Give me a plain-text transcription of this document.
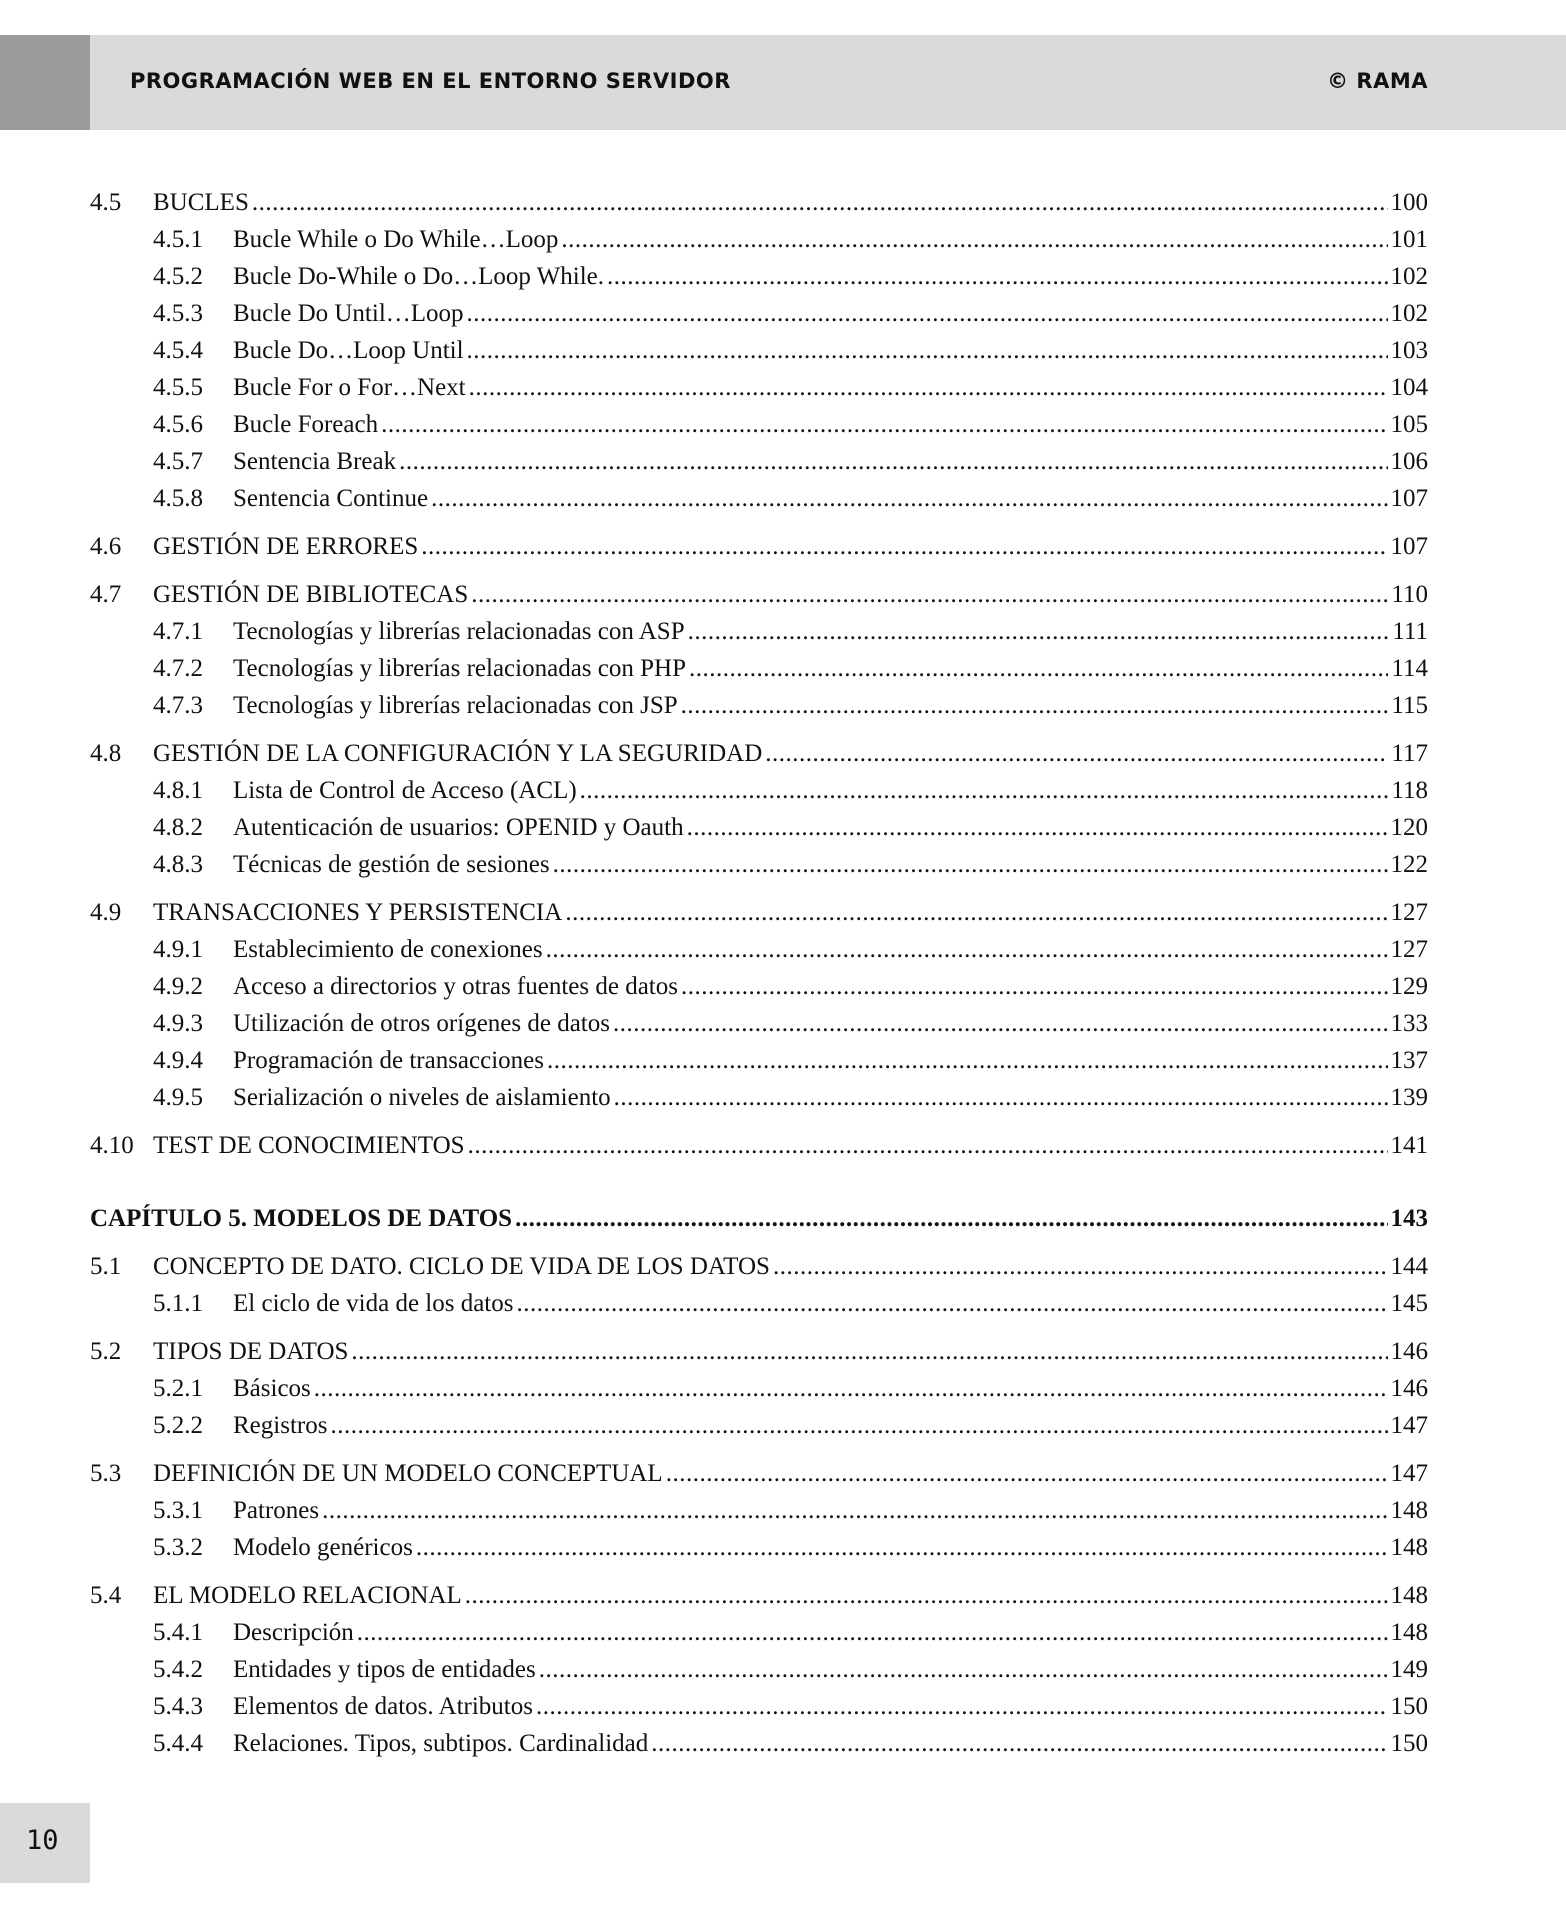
PROGRAMACIÓN WEB EN EL ENTORNO SERVIDOR	© RAMA
4.5	BUCLES .....	100
4.5.1	Bucle While o Do While…Loop .....	101
4.5.2	Bucle Do-While o Do…Loop While. .....	102
4.5.3	Bucle Do Until…Loop .....	102
4.5.4	Bucle Do…Loop Until .....	103
4.5.5	Bucle For o For…Next .....	104
4.5.6	Bucle Foreach .....	105
4.5.7	Sentencia Break .....	106
4.5.8	Sentencia Continue .....	107
4.6	GESTIÓN DE ERRORES .....	107
4.7	GESTIÓN DE BIBLIOTECAS .....	110
4.7.1	Tecnologías y librerías relacionadas con ASP .....	111
4.7.2	Tecnologías y librerías relacionadas con PHP .....	114
4.7.3	Tecnologías y librerías relacionadas con JSP .....	115
4.8	GESTIÓN DE LA CONFIGURACIÓN Y LA SEGURIDAD .....	117
4.8.1	Lista de Control de Acceso (ACL) .....	118
4.8.2	Autenticación de usuarios: OPENID y Oauth .....	120
4.8.3	Técnicas de gestión de sesiones .....	122
4.9	TRANSACCIONES Y PERSISTENCIA .....	127
4.9.1	Establecimiento de conexiones .....	127
4.9.2	Acceso a directorios y otras fuentes de datos .....	129
4.9.3	Utilización de otros orígenes de datos .....	133
4.9.4	Programación de transacciones .....	137
4.9.5	Serialización o niveles de aislamiento .....	139
4.10 TEST DE CONOCIMIENTOS .....	141
CAPÍTULO 5. MODELOS DE DATOS .....	143
5.1	CONCEPTO DE DATO. CICLO DE VIDA DE LOS DATOS .....	144
5.1.1	El ciclo de vida de los datos .....	145
5.2	TIPOS DE DATOS .....	146
5.2.1	Básicos .....	146
5.2.2	Registros .....	147
5.3	DEFINICIÓN DE UN MODELO CONCEPTUAL .....	147
5.3.1	Patrones .....	148
5.3.2	Modelo genéricos .....	148
5.4	EL MODELO RELACIONAL .....	148
5.4.1	Descripción .....	148
5.4.2	Entidades y tipos de entidades .....	149
5.4.3	Elementos de datos. Atributos .....	150
5.4.4	Relaciones. Tipos, subtipos. Cardinalidad .....	150
10
